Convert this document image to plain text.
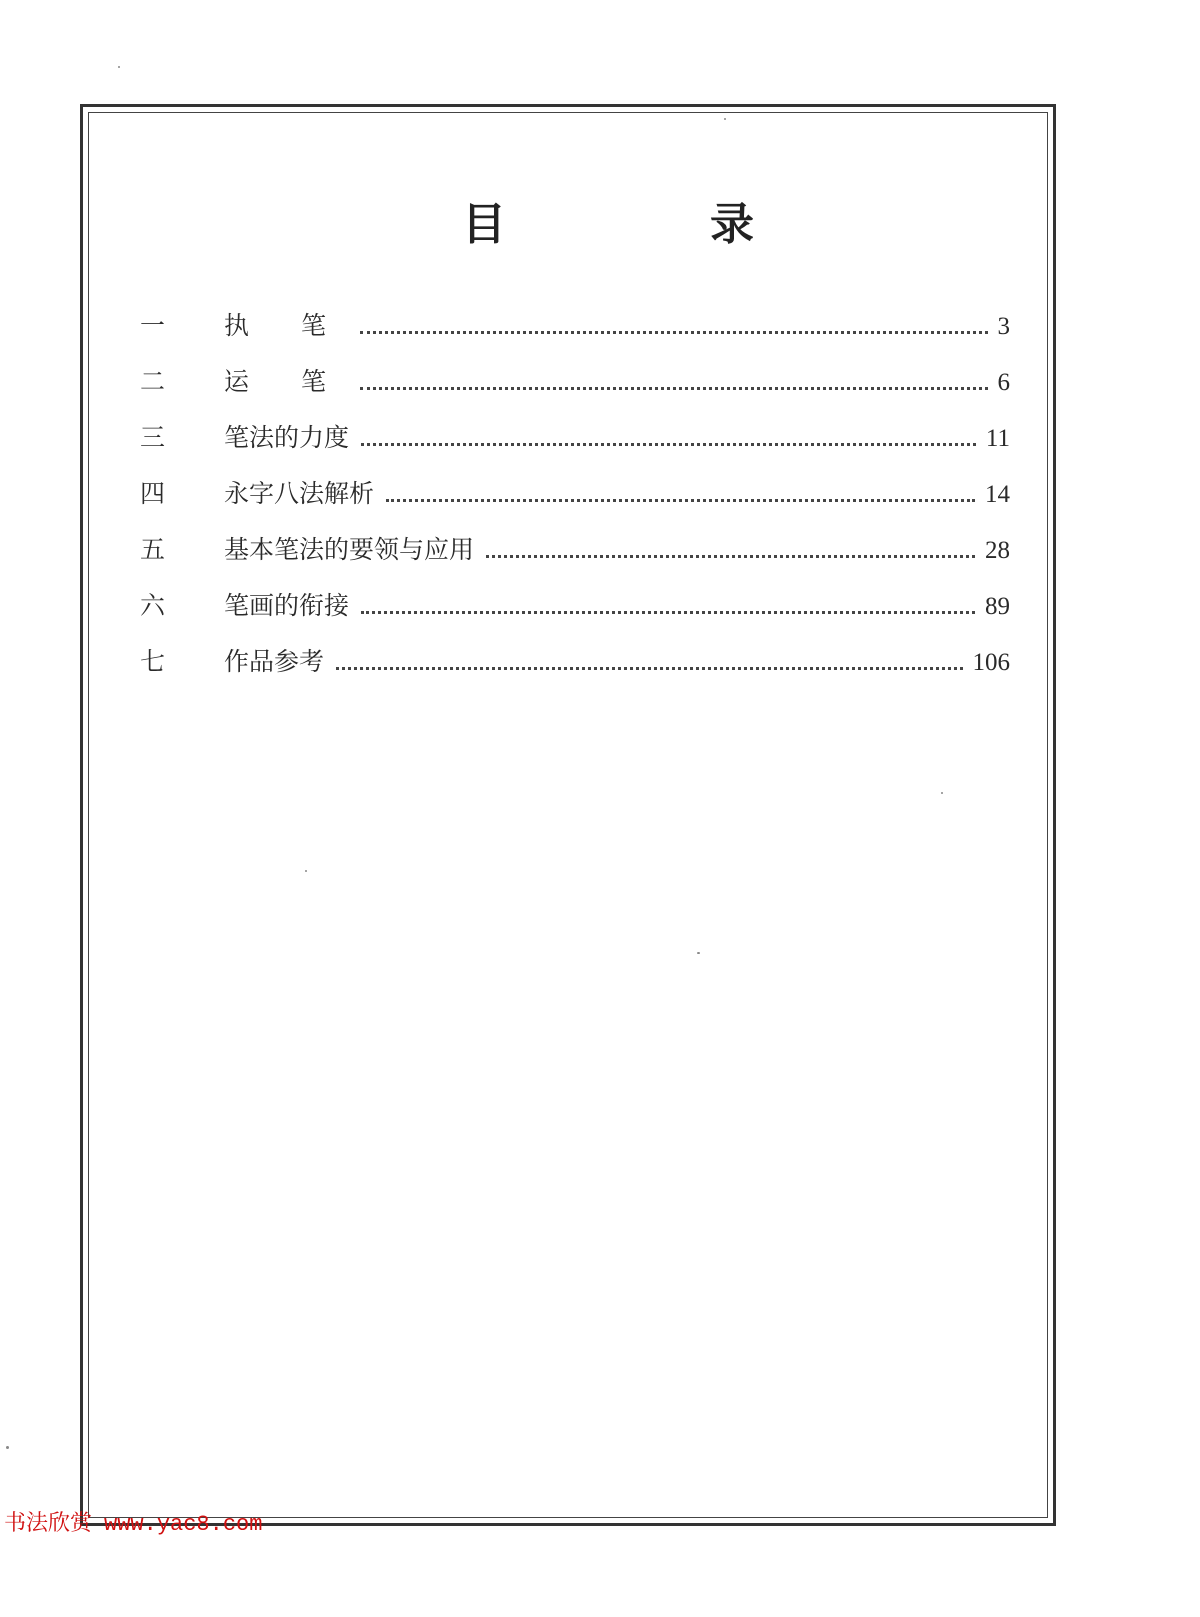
目　录
一	执 笔	3
二	运 笔	6
三	笔法的力度	11
四	永字八法解析	14
五	基本笔法的要领与应用	28
六	笔画的衔接	89
七	作品参考	106
书法欣赏 www.yac8.com
